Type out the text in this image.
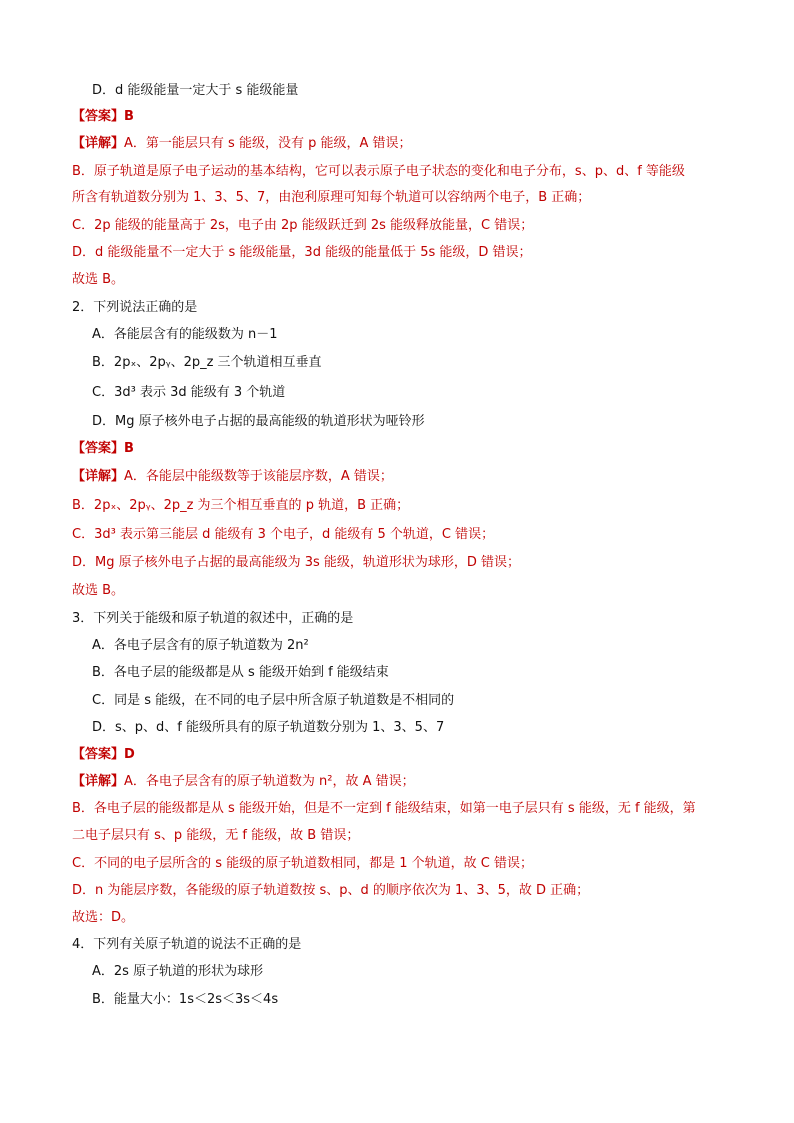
D．d 能级能量一定大于 s 能级能量
【答案】B
【详解】A．第一能层只有 s 能级，没有 p 能级，A 错误；
B．原子轨道是原子电子运动的基本结构，它可以表示原子电子状态的变化和电子分布，s、p、d、f 等能级
所含有轨道数分别为 1、3、5、7，由泡利原理可知每个轨道可以容纳两个电子，B 正确；
C．2p 能级的能量高于 2s，电子由 2p 能级跃迁到 2s 能级释放能量，C 错误；
D．d 能级能量不一定大于 s 能级能量，3d 能级的能量低于 5s 能级，D 错误；
故选 B。
2．下列说法正确的是
A．各能层含有的能级数为 n－1
B．2pₓ、2pᵧ、2p_z 三个轨道相互垂直
C．3d³ 表示 3d 能级有 3 个轨道
D．Mg 原子核外电子占据的最高能级的轨道形状为哑铃形
【答案】B
【详解】A．各能层中能级数等于该能层序数，A 错误；
B．2pₓ、2pᵧ、2p_z 为三个相互垂直的 p 轨道，B 正确；
C．3d³ 表示第三能层 d 能级有 3 个电子，d 能级有 5 个轨道，C 错误；
D．Mg 原子核外电子占据的最高能级为 3s 能级，轨道形状为球形，D 错误；
故选 B。
3．下列关于能级和原子轨道的叙述中，正确的是
A．各电子层含有的原子轨道数为 2n²
B．各电子层的能级都是从 s 能级开始到 f 能级结束
C．同是 s 能级，在不同的电子层中所含原子轨道数是不相同的
D．s、p、d、f 能级所具有的原子轨道数分别为 1、3、5、7
【答案】D
【详解】A．各电子层含有的原子轨道数为 n²，故 A 错误；
B．各电子层的能级都是从 s 能级开始，但是不一定到 f 能级结束，如第一电子层只有 s 能级，无 f 能级，第
二电子层只有 s、p 能级，无 f 能级，故 B 错误；
C．不同的电子层所含的 s 能级的原子轨道数相同，都是 1 个轨道，故 C 错误；
D．n 为能层序数，各能级的原子轨道数按 s、p、d 的顺序依次为 1、3、5，故 D 正确；
故选：D。
4．下列有关原子轨道的说法不正确的是
A．2s 原子轨道的形状为球形
B．能量大小：1s＜2s＜3s＜4s
